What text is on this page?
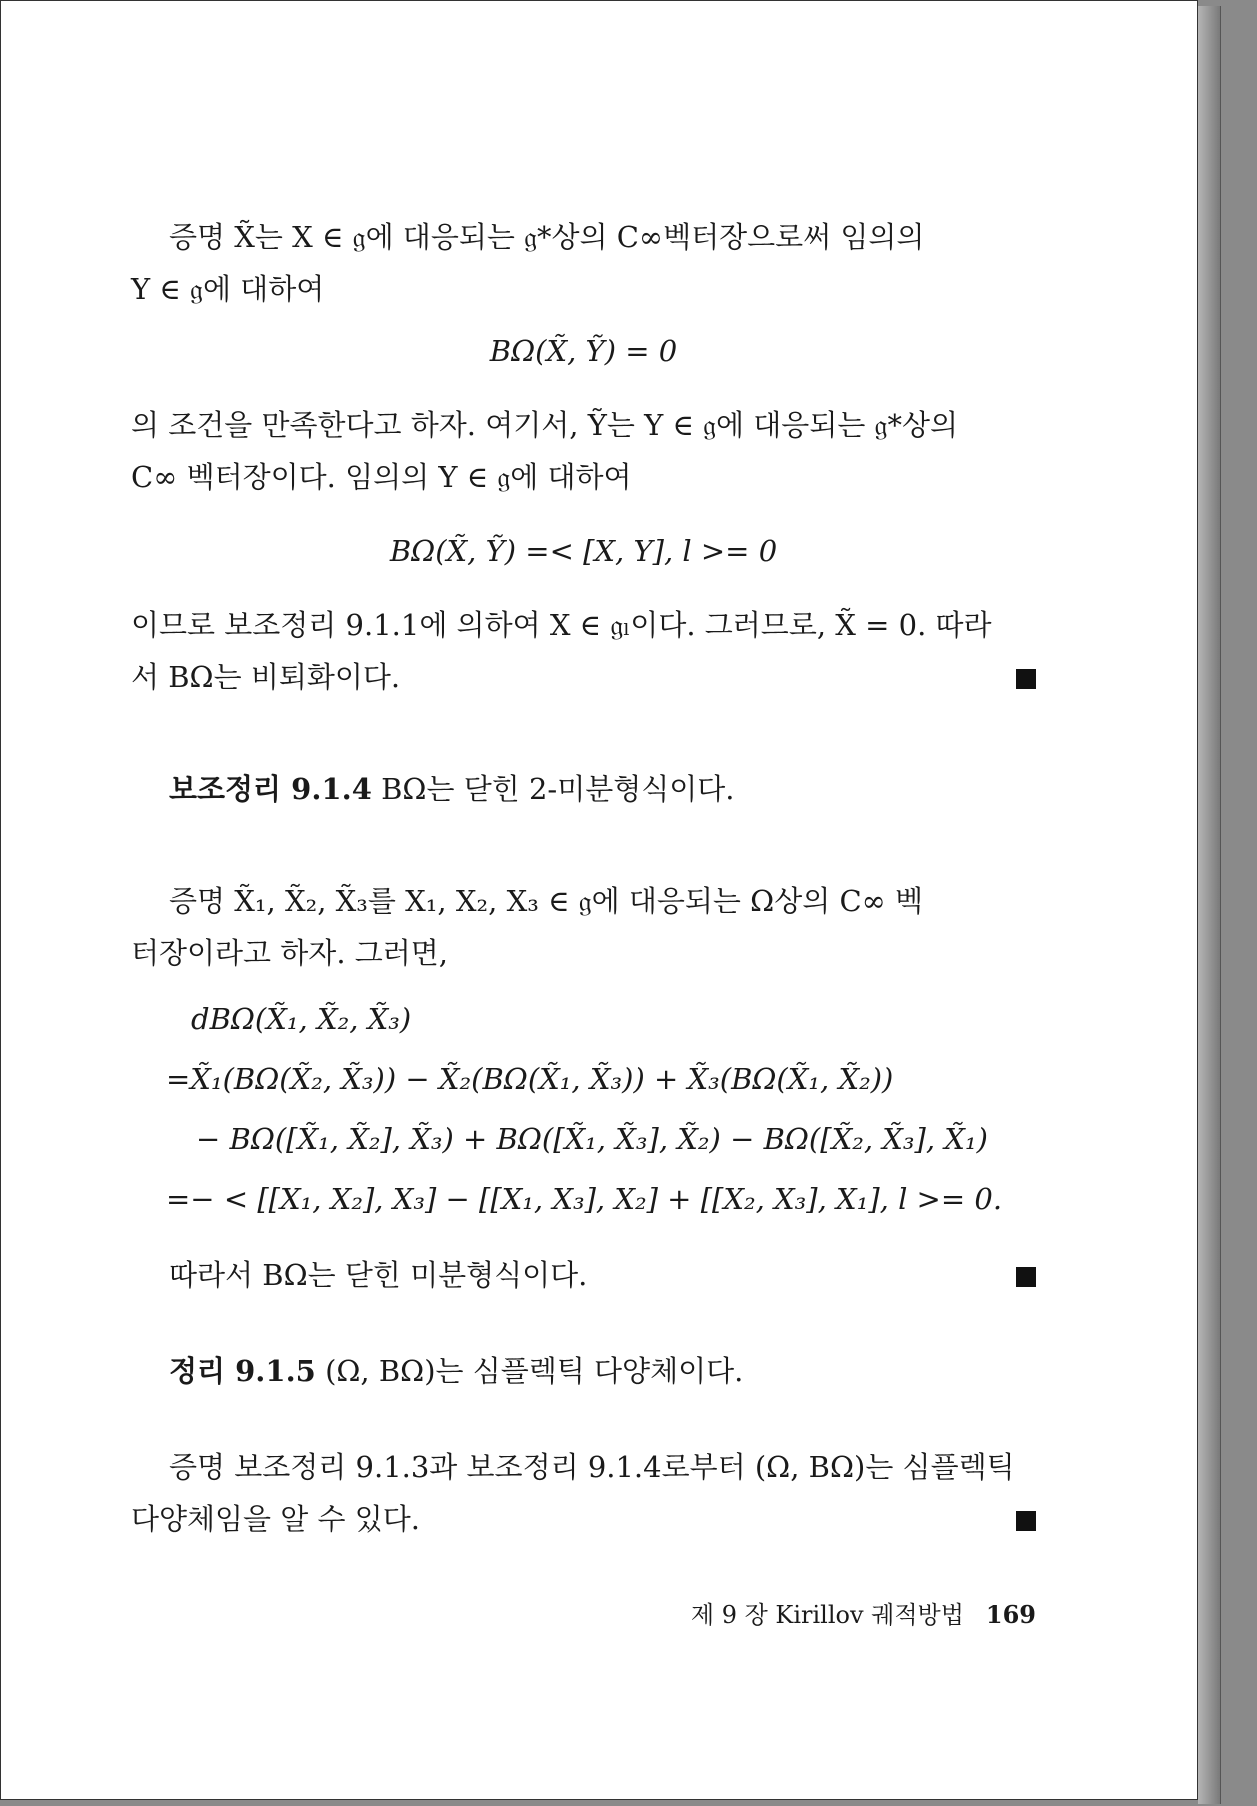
증명 X̃는 X ∈ 𝔤에 대응되는 𝔤*상의 C∞벡터장으로써 임의의

Y ∈ 𝔤에 대하여

BΩ(X̃, Ỹ) = 0

의 조건을 만족한다고 하자. 여기서, Ỹ는 Y ∈ 𝔤에 대응되는 𝔤*상의

C∞ 벡터장이다. 임의의 Y ∈ 𝔤에 대하여

BΩ(X̃, Ỹ) =< [X, Y], l >= 0

이므로 보조정리 9.1.1에 의하여 X ∈ 𝔤ₗ이다. 그러므로, X̃ = 0. 따라

서 BΩ는 비퇴화이다.

보조정리 9.1.4 BΩ는 닫힌 2-미분형식이다.

증명 X̃₁, X̃₂, X̃₃를 X₁, X₂, X₃ ∈ 𝔤에 대응되는 Ω상의 C∞ 벡

터장이라고 하자. 그러면,

dBΩ(X̃₁, X̃₂, X̃₃)
=X̃₁(BΩ(X̃₂, X̃₃)) − X̃₂(BΩ(X̃₁, X̃₃)) + X̃₃(BΩ(X̃₁, X̃₂))
− BΩ([X̃₁, X̃₂], X̃₃) + BΩ([X̃₁, X̃₃], X̃₂) − BΩ([X̃₂, X̃₃], X̃₁)
=− < [[X₁, X₂], X₃] − [[X₁, X₃], X₂] + [[X₂, X₃], X₁], l >= 0.

따라서 BΩ는 닫힌 미분형식이다.

정리 9.1.5 (Ω, BΩ)는 심플렉틱 다양체이다.

증명 보조정리 9.1.3과 보조정리 9.1.4로부터 (Ω, BΩ)는 심플렉틱

다양체임을 알 수 있다.

제 9 장 Kirillov 궤적방법 169
